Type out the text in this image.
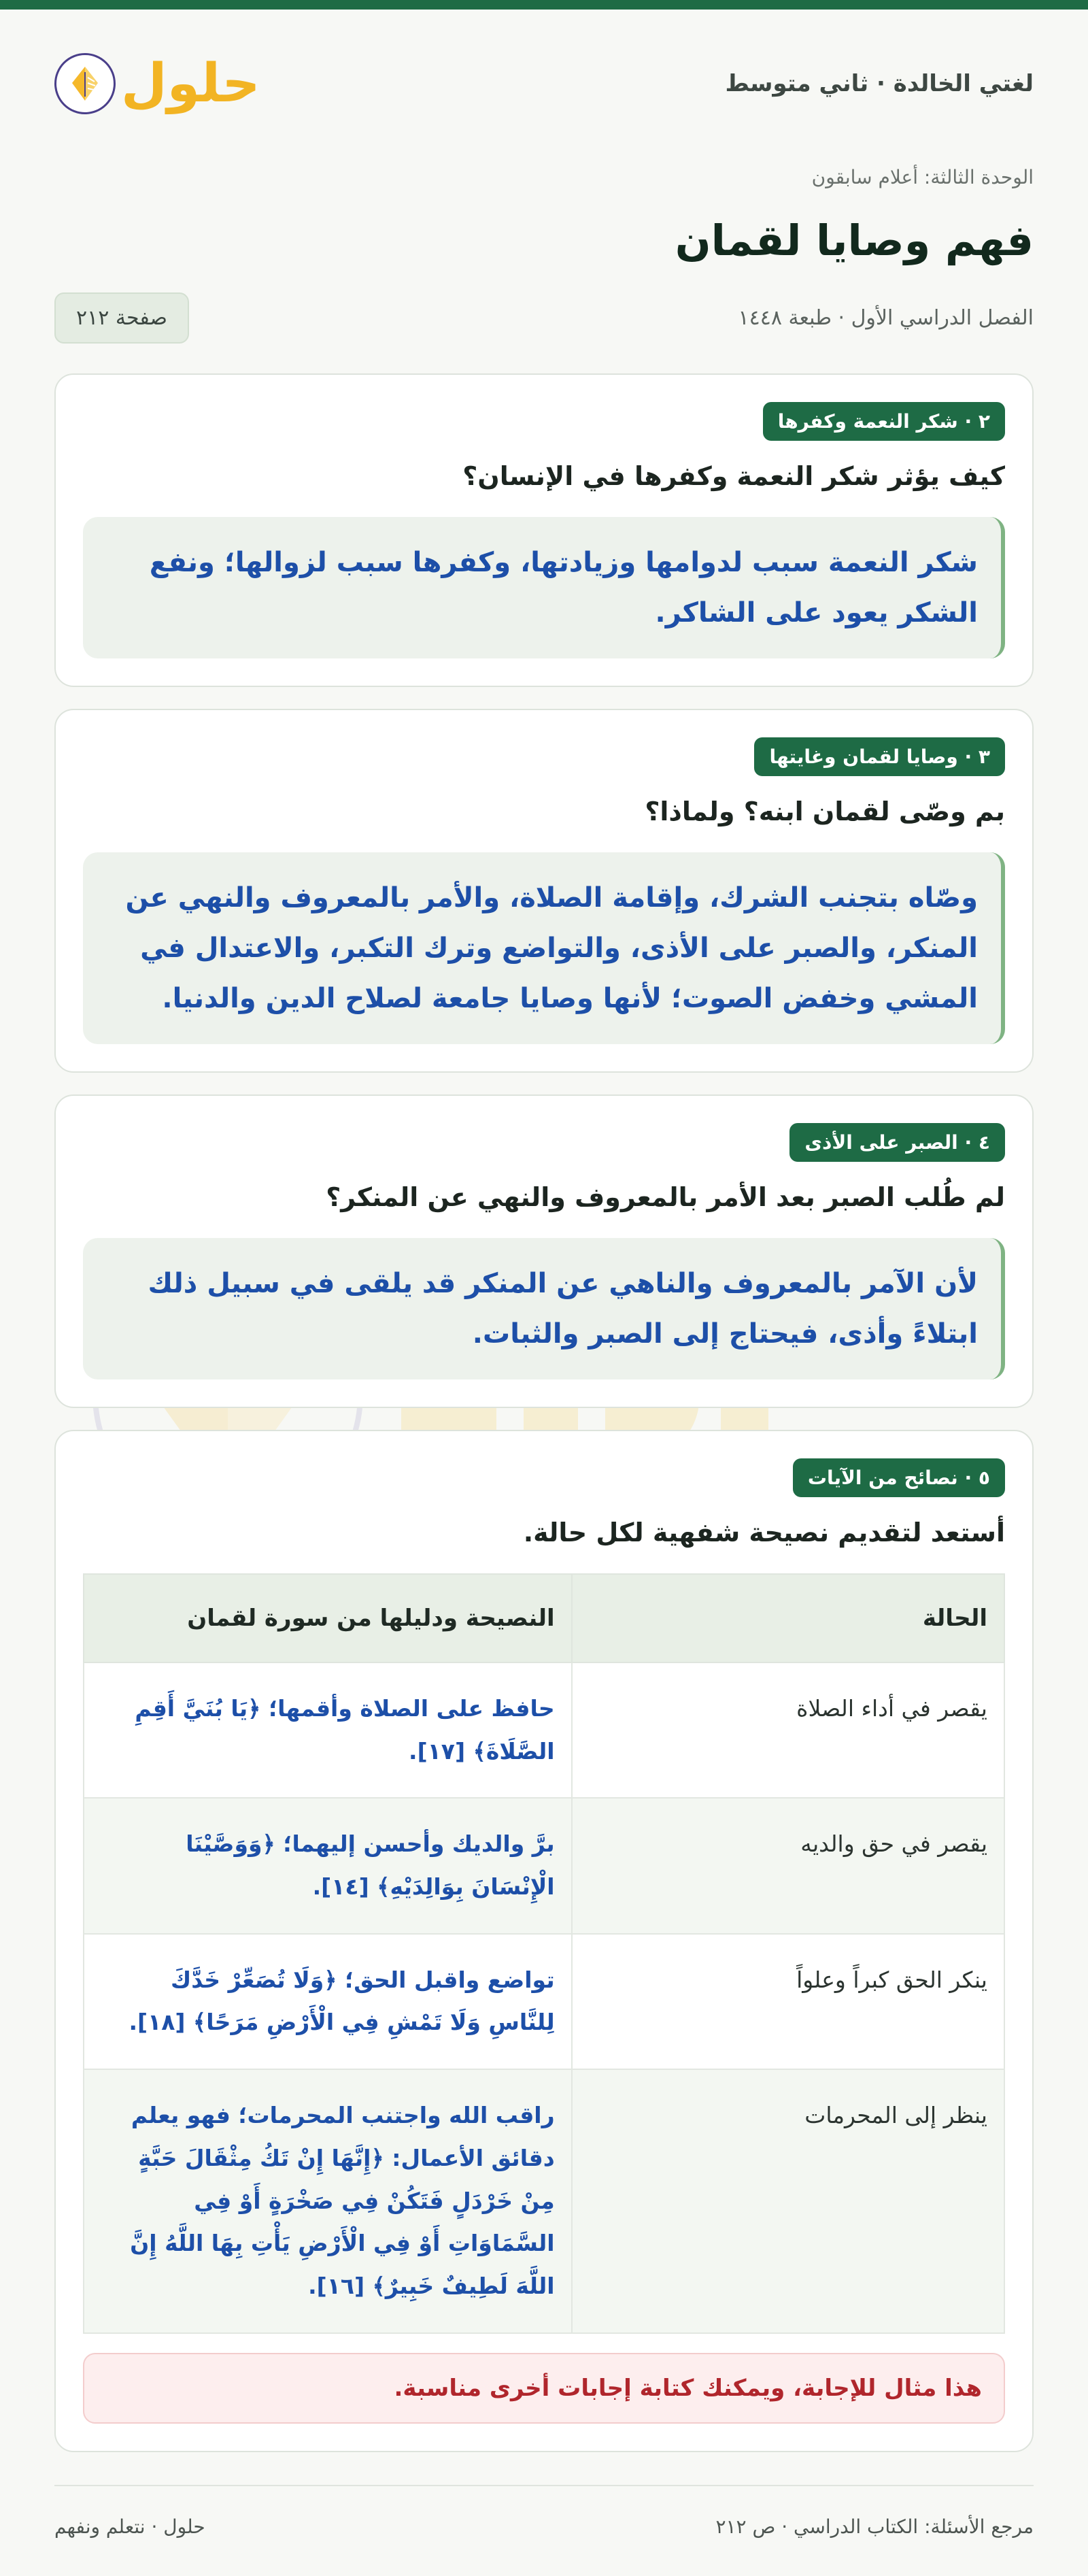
لغتي الخالدة · ثاني متوسط
حلول
الوحدة الثالثة: أعلام سابقون
فهم وصايا لقمان
الفصل الدراسي الأول · طبعة ١٤٤٨
صفحة ٢١٢
٢ · شكر النعمة وكفرها
كيف يؤثر شكر النعمة وكفرها في الإنسان؟
شكر النعمة سبب لدوامها وزيادتها، وكفرها سبب لزوالها؛ ونفع الشكر يعود على الشاكر.
٣ · وصايا لقمان وغايتها
بم وصّى لقمان ابنه؟ ولماذا؟
وصّاه بتجنب الشرك، وإقامة الصلاة، والأمر بالمعروف والنهي عن المنكر، والصبر على الأذى، والتواضع وترك التكبر، والاعتدال في المشي وخفض الصوت؛ لأنها وصايا جامعة لصلاح الدين والدنيا.
٤ · الصبر على الأذى
لم طُلب الصبر بعد الأمر بالمعروف والنهي عن المنكر؟
لأن الآمر بالمعروف والناهي عن المنكر قد يلقى في سبيل ذلك ابتلاءً وأذى، فيحتاج إلى الصبر والثبات.
٥ · نصائح من الآيات
أستعد لتقديم نصيحة شفهية لكل حالة.
الحالة	النصيحة ودليلها من سورة لقمان
يقصر في أداء الصلاة	حافظ على الصلاة وأقمها؛ ﴿يَا بُنَيَّ أَقِمِ الصَّلَاةَ﴾ [١٧].
يقصر في حق والديه	برَّ والديك وأحسن إليهما؛ ﴿وَوَصَّيْنَا الْإِنْسَانَ بِوَالِدَيْهِ﴾ [١٤].
ينكر الحق كبراً وعلواً	تواضع واقبل الحق؛ ﴿وَلَا تُصَعِّرْ خَدَّكَ لِلنَّاسِ وَلَا تَمْشِ فِي الْأَرْضِ مَرَحًا﴾ [١٨].
ينظر إلى المحرمات	راقب الله واجتنب المحرمات؛ فهو يعلم دقائق الأعمال: ﴿إِنَّهَا إِنْ تَكُ مِثْقَالَ حَبَّةٍ مِنْ خَرْدَلٍ فَتَكُنْ فِي صَخْرَةٍ أَوْ فِي السَّمَاوَاتِ أَوْ فِي الْأَرْضِ يَأْتِ بِهَا اللَّهُ إِنَّ اللَّهَ لَطِيفٌ خَبِيرٌ﴾ [١٦].
هذا مثال للإجابة، ويمكنك كتابة إجابات أخرى مناسبة.
مرجع الأسئلة: الكتاب الدراسي · ص ٢١٢
حلول · نتعلم ونفهم
